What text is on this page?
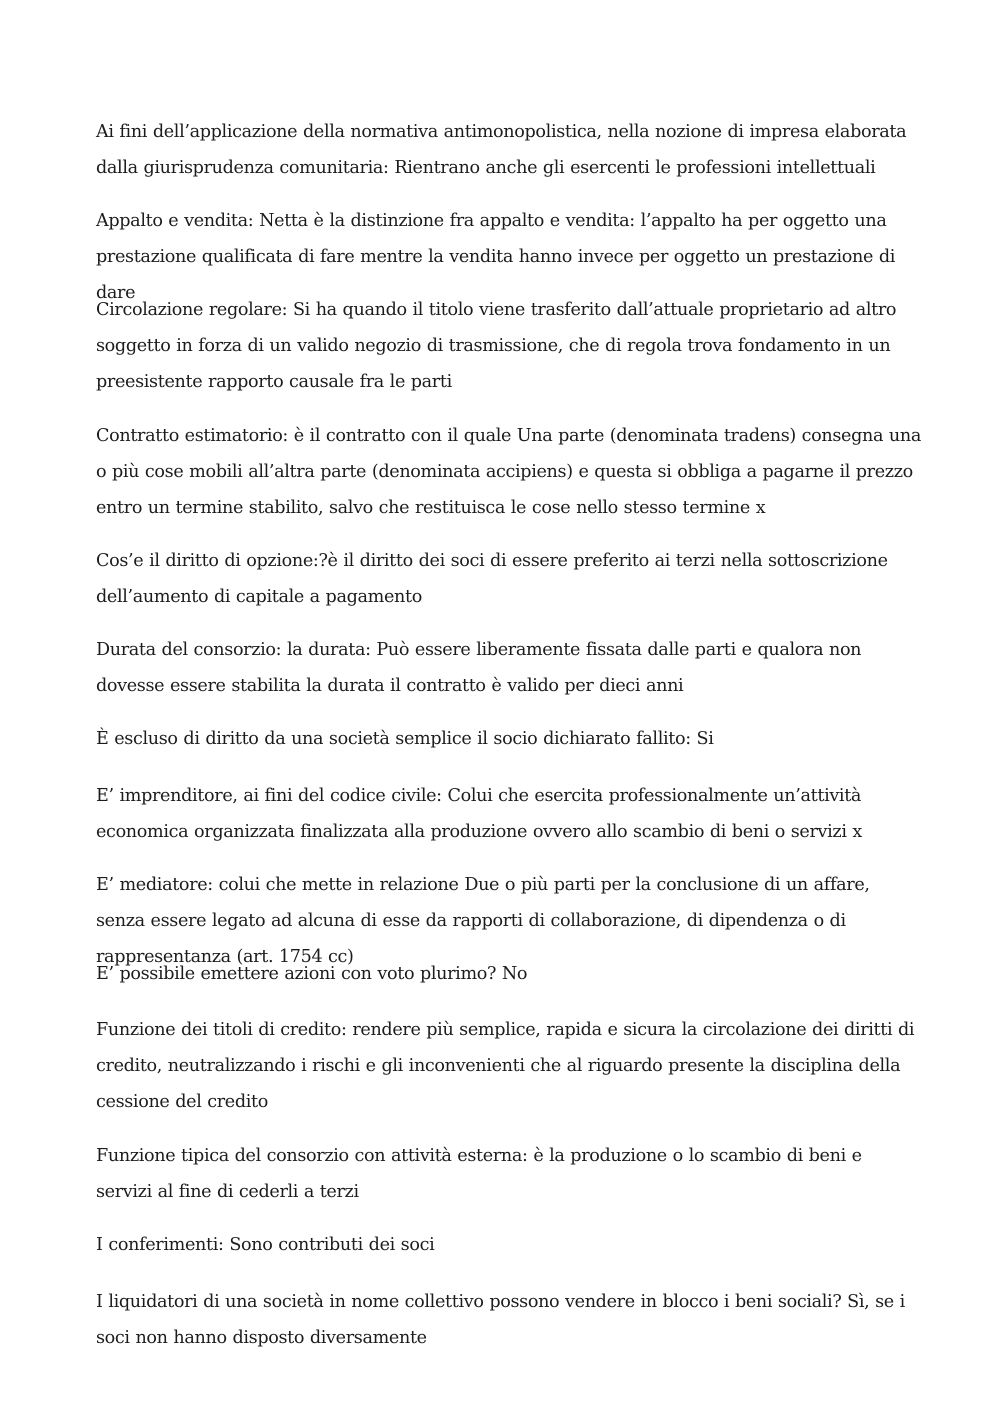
Ai fini dell’applicazione della normativa antimonopolistica, nella nozione di impresa elaborata dalla giurisprudenza comunitaria: Rientrano anche gli esercenti le professioni intellettuali

Appalto e vendita: Netta è la distinzione fra appalto e vendita: l’appalto ha per oggetto una prestazione qualificata di fare mentre la vendita hanno invece per oggetto un prestazione di dare

Circolazione regolare: Si ha quando il titolo viene trasferito dall’attuale proprietario ad altro soggetto in forza di un valido negozio di trasmissione, che di regola trova fondamento in un preesistente rapporto causale fra le parti

Contratto estimatorio: è il contratto con il quale Una parte (denominata tradens) consegna una o più cose mobili all’altra parte (denominata accipiens) e questa si obbliga a pagarne il prezzo entro un termine stabilito, salvo che restituisca le cose nello stesso termine x

Cos’e il diritto di opzione:?è il diritto dei soci di essere preferito ai terzi nella sottoscrizione dell’aumento di capitale a pagamento

Durata del consorzio: la durata: Può essere liberamente fissata dalle parti e qualora non dovesse essere stabilita la durata il contratto è valido per dieci anni

È escluso di diritto da una società semplice il socio dichiarato fallito: Si

E’ imprenditore, ai fini del codice civile: Colui che esercita professionalmente un’attività economica organizzata finalizzata alla produzione ovvero allo scambio di beni o servizi x

E’ mediatore: colui che mette in relazione Due o più parti per la conclusione di un affare, senza essere legato ad alcuna di esse da rapporti di collaborazione, di dipendenza o di rappresentanza (art. 1754 cc)

E’ possibile emettere azioni con voto plurimo? No

Funzione dei titoli di credito: rendere più semplice, rapida e sicura la circolazione dei diritti di credito, neutralizzando i rischi e gli inconvenienti che al riguardo presente la disciplina della cessione del credito

Funzione tipica del consorzio con attività esterna: è la produzione o lo scambio di beni e servizi al fine di cederli a terzi

I conferimenti: Sono contributi dei soci

I liquidatori di una società in nome collettivo possono vendere in blocco i beni sociali? Sì, se i soci non hanno disposto diversamente
